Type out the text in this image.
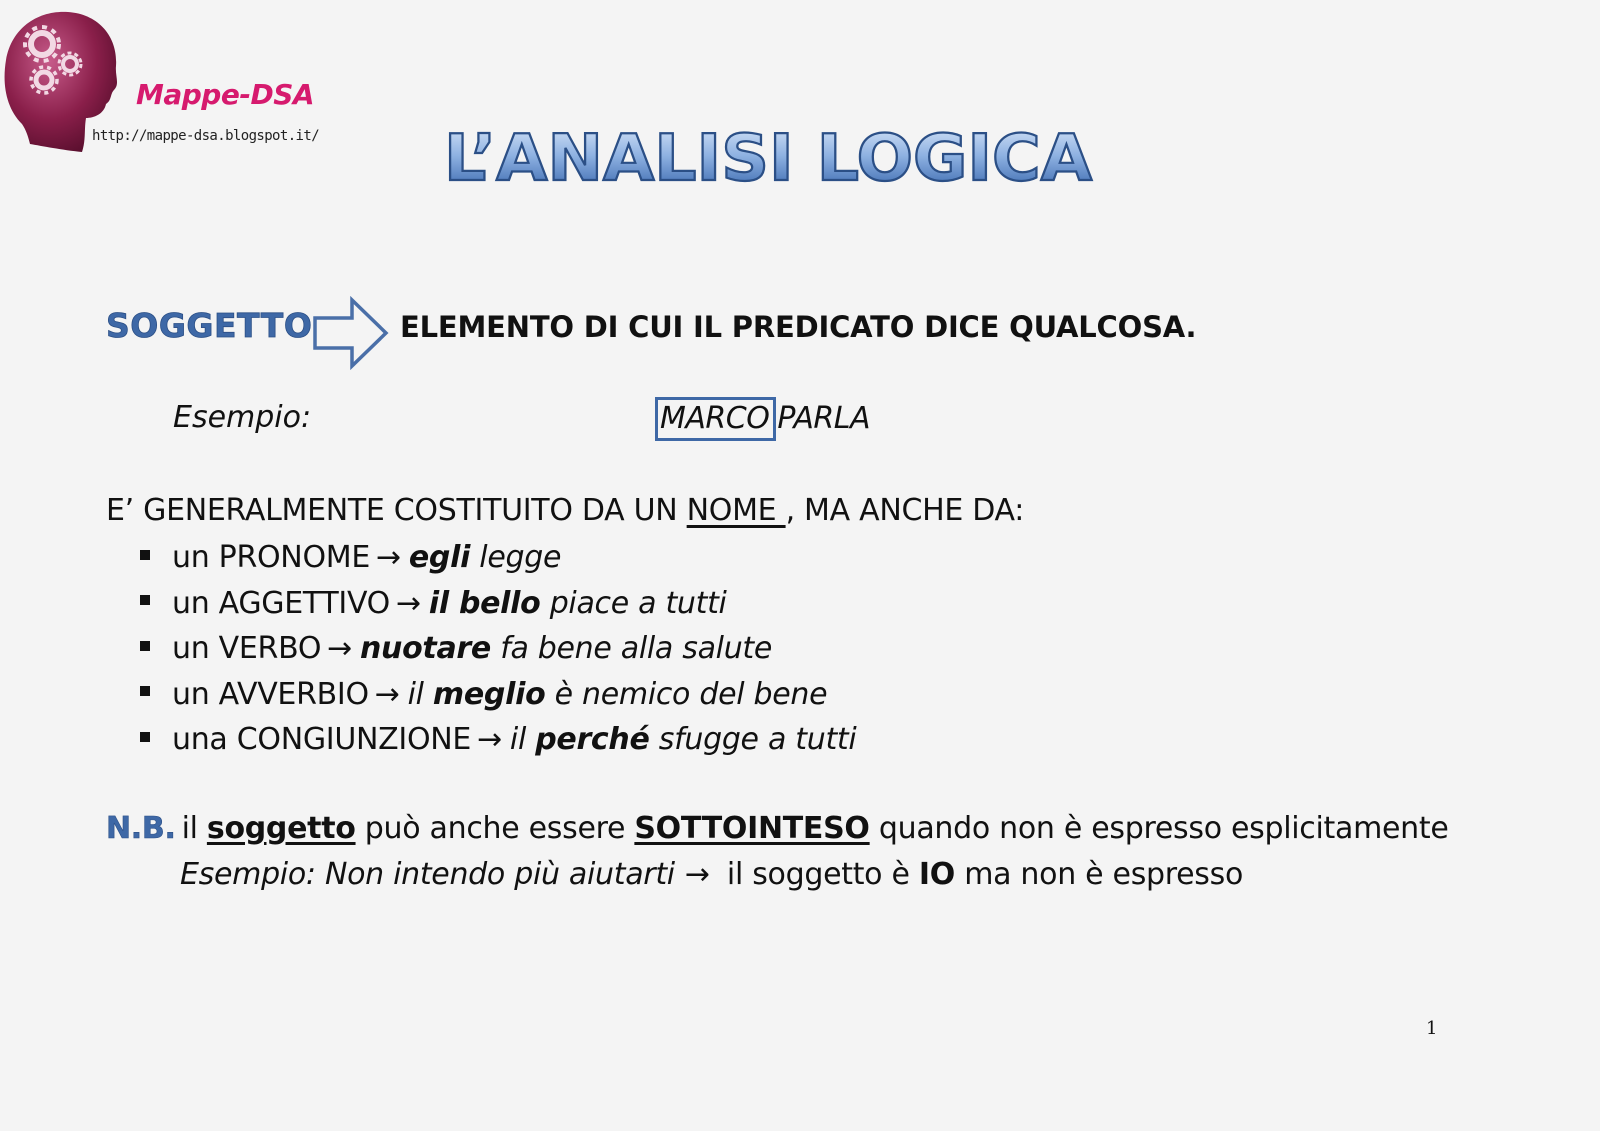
Mappe-DSA
http://mappe-dsa.blogspot.it/ L’ANALISI LOGICA
SOGGETTO	ELEMENTO DI CUI IL PREDICATO DICE QUALCOSA.
Esempio:	MARCO PARLA
E’ GENERALMENTE COSTITUITO DA UN NOME , MA ANCHE DA:
un PRONOME → egli legge
un AGGETTIVO → il bello piace a tutti
un VERBO → nuotare fa bene alla salute
un AVVERBIO → il meglio è nemico del bene
una CONGIUNZIONE → il perché sfugge a tutti
N.B. il soggetto può anche essere SOTTOINTESO quando non è espresso esplicitamente
Esempio: Non intendo più aiutarti → il soggetto è IO ma non è espresso
1
